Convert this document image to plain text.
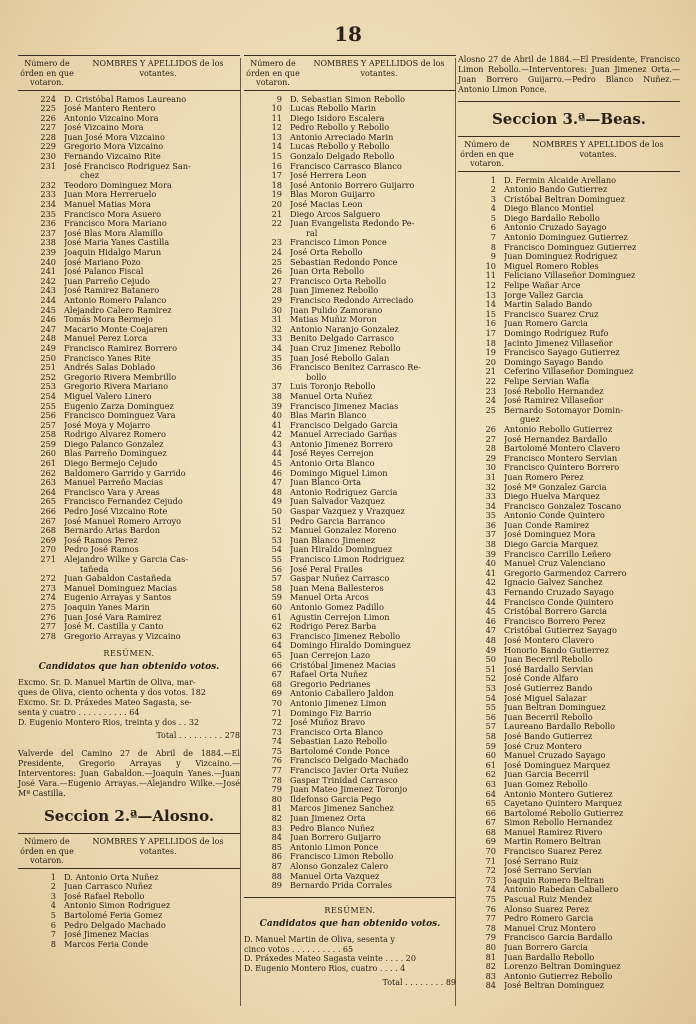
18
Número de órden en que votaron.
NOMBRES Y APELLIDOS de los votantes.
224 D. Cristóbal Ramos Laureano
225 José Mantero Rentero
226 Antonio Vizcaino Mora
227 José Vizcaino Mora
228 Juan José Mora Vizcaino
229 Gregorio Mora Vizcaino
230 Fernando Vizcaino Rite
231 José Francisco Rodriguez San-
chez
232 Teodoro Dominguez Mora
233 Juan Mora Herreruelo
234 Manuel Matias Mora
235 Francisco Mora Asuero
236 Francisco Mora Mariano
237 José Blas Mora Alamillo
238 José Maria Yanes Castilla
239 Joaquin Hidalgo Marun
240 José Mariano Pozo
241 José Palanco Fiscal
242 Juan Parreño Cejudo
243 José Ramirez Batanero
244 Antonio Romero Palanco
245 Alejandro Calero Ramirez
246 Tomás Mora Bermejo
247 Macario Monte Coajaren
248 Manuel Perez Lorca
249 Francisco Ramirez Borrero
250 Francisco Yanes Rite
251 Andrés Salas Doblado
252 Gregorio Rivera Membrillo
253 Gregorio Rivera Mariano
254 Miguel Valero Linero
255 Eugenio Zarza Dominguez
256 Francisco Dominguez Vara
257 José Moya y Mojarro
258 Rodrigo Alvarez Romero
259 Diego Palanco Gonzalez
260 Blas Parreño Dominguez
261 Diego Bermejo Cejudo
262 Baldomero Garrido y Garrido
263 Manuel Parreño Macias
264 Francisco Vara y Areas
265 Francisco Fernandez Cejudo
266 Pedro José Vizcaino Rote
267 José Manuel Romero Arroyo
268 Bernardo Arias Bardon
269 José Ramos Perez
270 Pedro José Ramos
271 Alejandro Wilke y Garcia Cas-
tañeda
272 Juan Gabaldon Castañeda
273 Manuel Dominguez Macias
274 Eugenio Arrayas y Santos
275 Joaquin Yanes Marin
276 Juan José Vara Ramirez
277 José M. Castilla y Canto
278 Gregorio Arrayas y Vizcaino
RESÚMEN.
Candidatos que han obtenido votos.
Excmo. Sr. D. Manuel Martin de Oliva, mar-
ques de Oliva, ciento ochenta y dos votos. 182
Excmo. Sr. D. Práxedes Mateo Sagasta, se-
senta y cuatro . . . . . . . . . . 64
D. Eugenio Montero Rios, treinta y dos . . 32
Total . . . . . . . . . 278
Valverde del Camino 27 de Abril de 1884.—El Presidente, Gregorio Arrayas y Vizcaino.—Interventores: Juan Gabaldon.—Joaquin Yanes.—Juan José Vara.—Eugenio Arrayas.—Alejandro Wilke.—José Mª Castilla.
Seccion 2.ª—Alosno.
Número de órden en que votaron.
NOMBRES Y APELLIDOS de los votantes.
1 D. Antonio Orta Nuñez
2 Juan Carrasco Nuñez
3 José Rafael Rebollo
4 Antonio Simon Rodriguez
5 Bartolomé Feria Gomez
6 Pedro Delgado Machado
7 José Jimenez Macias
8 Marcos Feria Conde
Número de órden en que votaron.
NOMBRES Y APELLIDOS de los votantes.
9 D. Sebastian Simon Rebollo
10 Lucas Rebollo Marin
11 Diego Isidoro Escalera
12 Pedro Rebollo y Rebollo
13 Antonio Arreciado Marin
14 Lucas Rebollo y Rebollo
15 Gonzalo Delgado Rebollo
16 Francisco Carrasco Blanco
17 José Herrera Leon
18 José Antonio Borrero Guijarro
19 Blas Moron Guijarro
20 José Macias Leon
21 Diego Arcos Salguero
22 Juan Evangelista Redondo Pe-
ral
23 Francisco Limon Ponce
24 José Orta Rebollo
25 Sebastian Redondo Ponce
26 Juan Orta Rebollo
27 Francisco Orta Rebollo
28 Juan Jimenez Rebollo
29 Francisco Redondo Arreciado
30 Juan Pulido Zamorano
31 Matias Muñiz Moron
32 Antonio Naranjo Gonzalez
33 Benito Delgado Carrasco
34 Juan Cruz Jimenez Rebollo
35 Juan José Rebollo Galan
36 Francisco Benitez Carrasco Re-
bollo
37 Luis Toronjo Rebollo
38 Manuel Orta Nuñez
39 Francisco Jimenez Macias
40 Blas Marin Blanco
41 Francisco Delgado Garcia
42 Manuel Arreciado Garñas
43 Antonio Jimenez Borrero
44 José Reyes Cerrejon
45 Antonio Orta Blanco
46 Domingo Miguel Limon
47 Juan Blanco Orta
48 Antonio Rodriguez Garcia
49 Juan Salvador Vazquez
50 Gaspar Vazquez y Vrazquez
51 Pedro Garcia Barranco
52 Manuel Gonzalez Moreno
53 Juan Blanco Jimenez
54 Juan Hiraldo Dominguez
55 Francisco Limon Rodriguez
56 José Peral Frailes
57 Gaspar Nuñez Carrasco
58 Juan Mena Ballesteros
59 Manuel Orta Arcos
60 Antonio Gomez Padillo
61 Agustin Cerrejon Limon
62 Rodrigo Perez Barba
63 Francisco Jimenez Rebollo
64 Domingo Hiraldo Dominguez
65 Juan Cerrejon Lazo
66 Cristóbal Jimenez Macias
67 Rafael Orta Nuñez
68 Gregorio Pedrianes
69 Antonio Caballero Jaldon
70 Antonio Jimenez Limon
71 Domingo Fiz Barrio
72 José Muñoz Bravo
73 Francisco Orta Blanco
74 Sebastian Lazo Rebollo
75 Bartolomé Conde Ponce
76 Francisco Delgado Machado
77 Francisco Javier Orta Nuñez
78 Gaspar Trinidad Carrasco
79 Juan Mateo Jimenez Toronjo
80 Ildefonso Garcia Pego
81 Marcos Jimenez Sanchez
82 Juan Jimenez Orta
83 Pedro Blanco Nuñez
84 Juan Borrero Guijarro
85 Antonio Limon Ponce
86 Francisco Limon Rebollo
87 Alonso Gonzalez Calero
88 Manuel Orta Vazquez
89 Bernardo Prida Corrales
RESÚMEN.
Candidatos que han obtenido votos.
D. Manuel Martin de Oliva, sesenta y
cinco votos . . . . . . . . . . 65
D. Práxedes Mateo Sagasta veinte . . . . 20
D. Eugenio Montero Rios, cuatro . . . . 4
Total . . . . . . . . 89
Alosno 27 de Abril de 1884.—El Presidente, Francisco Limon Rebollo.—Interventores: Juan Jimenez Orta.—Juan Borrero Guijarro.—Pedro Blanco Nuñez.—Antonio Limon Ponce.
Seccion 3.ª—Beas.
Número de órden en que votaron.
NOMBRES Y APELLIDOS de los votantes.
1 D. Fermin Alcaide Arellano
2 Antonio Bando Gutierrez
3 Cristóbal Beltran Dominguez
4 Diego Blanco Montiel
5 Diego Bardallo Rebollo
6 Antonio Cruzado Sayago
7 Antonio Dominguez Gutierrez
8 Francisco Dominguez Gutierrez
9 Juan Dominguez Rodriguez
10 Miguel Romero Robles
11 Feliciano Villaseñor Dominguez
12 Felipe Wañar Arce
13 Jorge Vallez Garcia
14 Martin Salado Bando
15 Francisco Suarez Cruz
16 Juan Romero Garcia
17 Domingo Rodriguez Rufo
18 Jacinto Jimenez Villaseñor
19 Francisco Sayago Gutierrez
20 Domingo Sayago Bando
21 Ceferino Villaseñor Dominguez
22 Felipe Servian Wafla
23 José Rebollo Hernandez
24 José Ramirez Villaseñor
25 Bernardo Sotomayor Domin-
guez
26 Antonio Rebollo Gutierrez
27 José Hernandez Bardallo
28 Bartolomé Montero Clavero
29 Francisco Montero Servian
30 Francisco Quintero Borrero
31 Juan Romero Perez
32 José Mª Gonzalez Garcia
33 Diego Huelva Marquez
34 Francisco Gonzalez Toscano
35 Antonio Conde Quintero
36 Juan Conde Ramirez
37 José Dominguez Mora
38 Diego Garcia Marquez
39 Francisco Carrillo Leñero
40 Manuel Cruz Valenciano
41 Gregorio Garmendoz Carrero
42 Ignacio Galvez Sanchez
43 Fernando Cruzado Sayago
44 Francisco Conde Quintero
45 Cristóbal Borrero Garcia
46 Francisco Borrero Perez
47 Cristóbal Gutierrez Sayago
48 José Montero Clavero
49 Honorio Bando Gutierrez
50 Juan Becerril Rebollo
51 José Bardallo Servian
52 José Conde Alfaro
53 José Gutierrez Bando
54 José Miguel Salazar
55 Juan Beltran Dominguez
56 Juan Becerril Rebollo
57 Laureano Bardallo Rebollo
58 José Bando Gutierrez
59 José Cruz Montero
60 Manuel Cruzado Sayago
61 José Dominguez Marquez
62 Juan Garcia Becerril
63 Juan Gomez Rebollo
64 Antonio Montero Gutierez
65 Cayetano Quintero Marquez
66 Bartolomé Rebollo Gutierrez
67 Simon Rebollo Hernandez
68 Manuel Ramirez Rivero
69 Martin Romero Beltran
70 Francisco Suarez Perez
71 José Serrano Ruiz
72 José Serrano Servian
73 Joaquin Romero Beltran
74 Antonio Rabedan Caballero
75 Pascual Ruiz Mendez
76 Alonso Suarez Perez
77 Pedro Romero Garcia
78 Manuel Cruz Montero
79 Francisco Garcia Bardallo
80 Juan Borrero Garcia
81 Juan Bardallo Rebollo
82 Lorenzo Beltran Dominguez
83 Antonio Gutierrez Rebollo
84 José Beltran Dominguez
